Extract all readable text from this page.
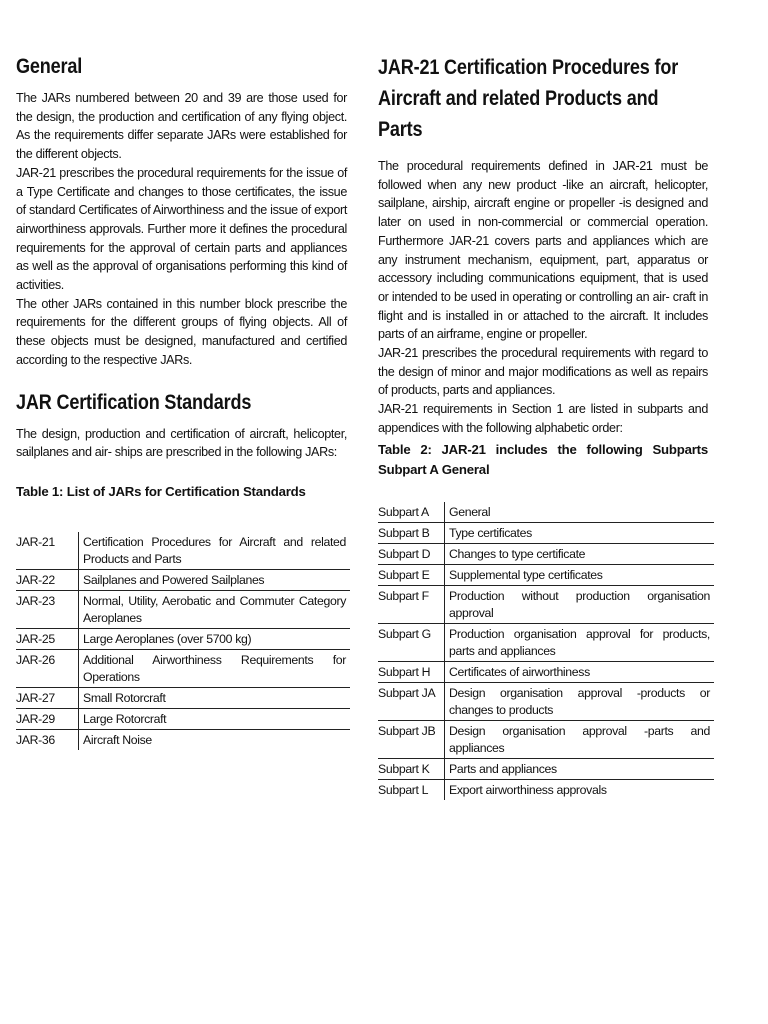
General

The JARs numbered between 20 and 39 are those used for the design, the production and certification of any flying object. As the requirements differ separate JARs were established for the different objects.

JAR-21 prescribes the procedural requirements for the issue of a Type Certificate and changes to those certificates, the issue of standard Certificates of Airworthiness and the issue of export airworthiness approvals. Further more it defines the procedural requirements for the approval of certain parts and appliances as well as the approval of organisations performing this kind of activities.

The other JARs contained in this number block prescribe the requirements for the different groups of flying objects. All of these objects must be designed, manufactured and certified according to the respective JARs.

JAR Certification Standards

The design, production and certification of aircraft, helicopter, sailplanes and air- ships are prescribed in the following JARs:

Table 1: List of JARs for Certification Standards

JAR-21	Certification Procedures for Aircraft and related Products and Parts
JAR-22	Sailplanes and Powered Sailplanes
JAR-23	Normal, Utility, Aerobatic and Commuter Category Aeroplanes
JAR-25	Large Aeroplanes (over 5700 kg)
JAR-26	Additional Airworthiness Requirements for Operations
JAR-27	Small Rotorcraft
JAR-29	Large Rotorcraft
JAR-36	Aircraft Noise
JAR-21 Certification Procedures for Aircraft and related Products and Parts

The procedural requirements defined in JAR-21 must be followed when any new product -like an aircraft, helicopter, sailplane, airship, aircraft engine or propeller -is designed and later on used in non-commercial or commercial operation. Furthermore JAR-21 covers parts and appliances which are any instrument mechanism, equipment, part, apparatus or accessory including communications equipment, that is used or intended to be used in operating or controlling an air- craft in flight and is installed in or attached to the aircraft. It includes parts of an airframe, engine or propeller.

JAR-21 prescribes the procedural requirements with regard to the design of minor and major modifications as well as repairs of products, parts and appliances.

JAR-21 requirements in Section 1 are listed in subparts and appendices with the following alphabetic order:

Table 2: JAR-21 includes the following Subparts Subpart A General

Subpart A	General
Subpart B	Type certificates
Subpart D	Changes to type certificate
Subpart E	Supplemental type certificates
Subpart F	Production without production organisation approval
Subpart G	Production organisation approval for products, parts and appliances
Subpart H	Certificates of airworthiness
Subpart JA	Design organisation approval -products or changes to products
Subpart JB	Design organisation approval -parts and appliances
Subpart K	Parts and appliances
Subpart L	Export airworthiness approvals
